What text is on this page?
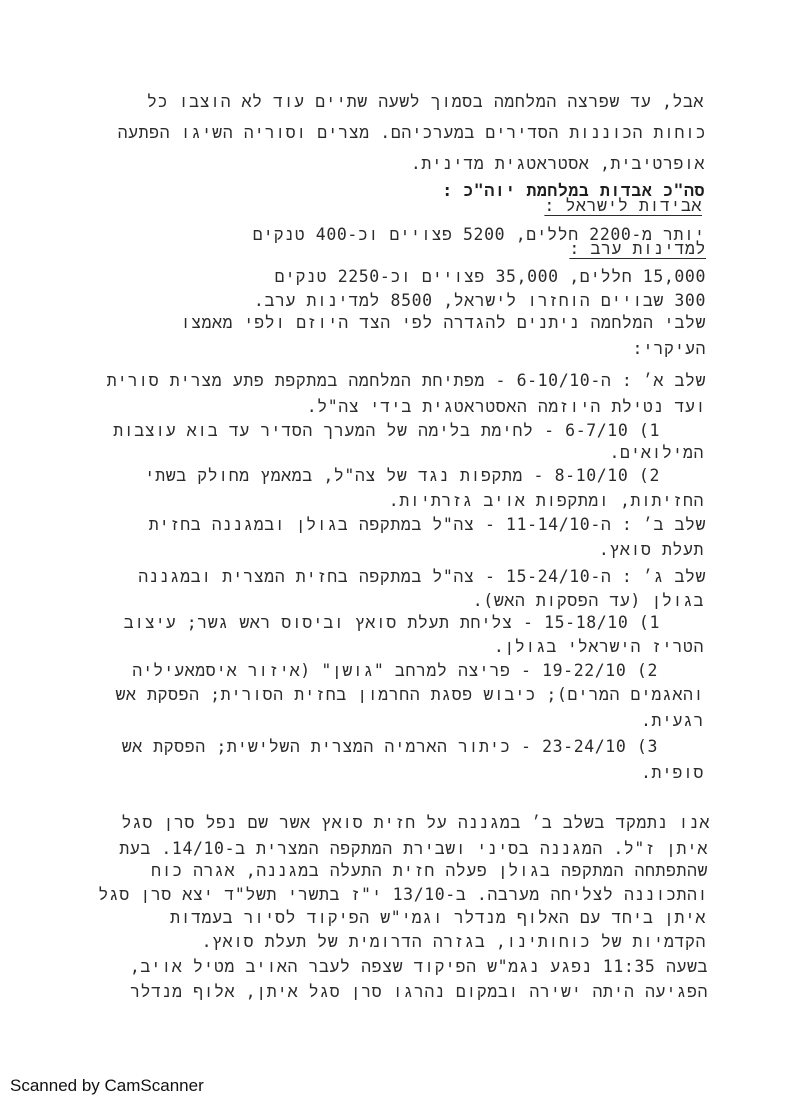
אבל, עד שפרצה המלחמה בסמוך לשעה שתיים עוד לא הוצבו כל
כוחות הכוננות הסדירים במערכיהם. מצרים וסוריה השיגו הפתעה
אופרטיבית, אסטראטגית מדינית.
סה"כ אבדות במלחמת יוה"כ :
אבידות לישראל :
יותר מ-2200 חללים, 5200 פצויים וכ-400 טנקים
למדינות ערב :
15,000 חללים, 35,000 פצויים וכ-2250 טנקים
300 שבויים הוחזרו לישראל, 8500 למדינות ערב.
שלבי המלחמה ניתנים להגדרה לפי הצד היוזם ולפי מאמצו
העיקרי:
שלב א׳ : ה-6-10/10 - מפתיחת המלחמה במתקפת פתע מצרית סורית
ועד נטילת היוזמה האסטראטגית בידי צה"ל.
1) 6-7/10 - לחימת בלימה של המערך הסדיר עד בוא עוצבות
המילואים.
2) 8-10/10 - מתקפות נגד של צה"ל, במאמץ מחולק בשתי
החזיתות, ומתקפות אויב גזרתיות.
שלב ב׳ : ה-11-14/10 - צה"ל במתקפה בגולן ובמגננה בחזית
תעלת סואץ.
שלב ג׳ : ה-15-24/10 - צה"ל במתקפה בחזית המצרית ובמגננה
בגולן (עד הפסקות האש).
1) 15-18/10 - צליחת תעלת סואץ וביסוס ראש גשר; עיצוב
הטריז הישראלי בגולן.
2) 19-22/10 - פריצה למרחב "גושן" (איזור איסמאעיליה
והאגמים המרים); כיבוש פסגת החרמון בחזית הסורית; הפסקת אש
רגעית.
3) 23-24/10 - כיתור הארמיה המצרית השלישית; הפסקת אש
סופית.
אנו נתמקד בשלב ב׳ במגננה על חזית סואץ אשר שם נפל סרן סגל
איתן ז"ל. המגננה בסיני ושבירת המתקפה המצרית ב-14/10. בעת
שהתפתחה המתקפה בגולן פעלה חזית התעלה במגננה, אגרה כוח
והתכוננה לצליחה מערבה. ב-13/10 י"ז בתשרי תשל"ד יצא סרן סגל
איתן ביחד עם האלוף מנדלר וגמי"ש הפיקוד לסיור בעמדות
הקדמיות של כוחותינו, בגזרה הדרומית של תעלת סואץ.
בשעה 11:35 נפגע נגמ"ש הפיקוד שצפה לעבר האויב מטיל אויב,
הפגיעה היתה ישירה ובמקום נהרגו סרן סגל איתן, אלוף מנדלר
Scanned by CamScanner
